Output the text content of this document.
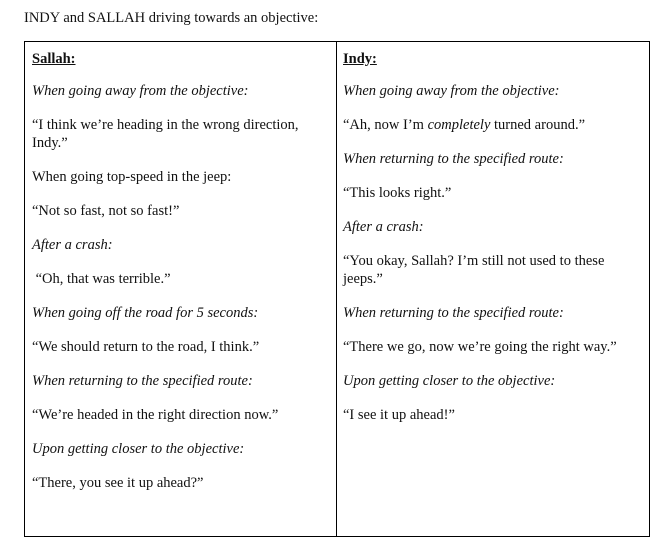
INDY and SALLAH driving towards an objective:

Sallah:

When going away from the objective:

“I think we’re heading in the wrong direction, Indy.”

When going top-speed in the jeep:

“Not so fast, not so fast!”

After a crash:

“Oh, that was terrible.”

When going off the road for 5 seconds:

“We should return to the road, I think.”

When returning to the specified route:

“We’re headed in the right direction now.”

Upon getting closer to the objective:

“There, you see it up ahead?”

Indy:

When going away from the objective:

“Ah, now I’m completely turned around.”

When returning to the specified route:

“This looks right.”

After a crash:

“You okay, Sallah? I’m still not used to these jeeps.”

When returning to the specified route:

“There we go, now we’re going the right way.”

Upon getting closer to the objective:

“I see it up ahead!”
